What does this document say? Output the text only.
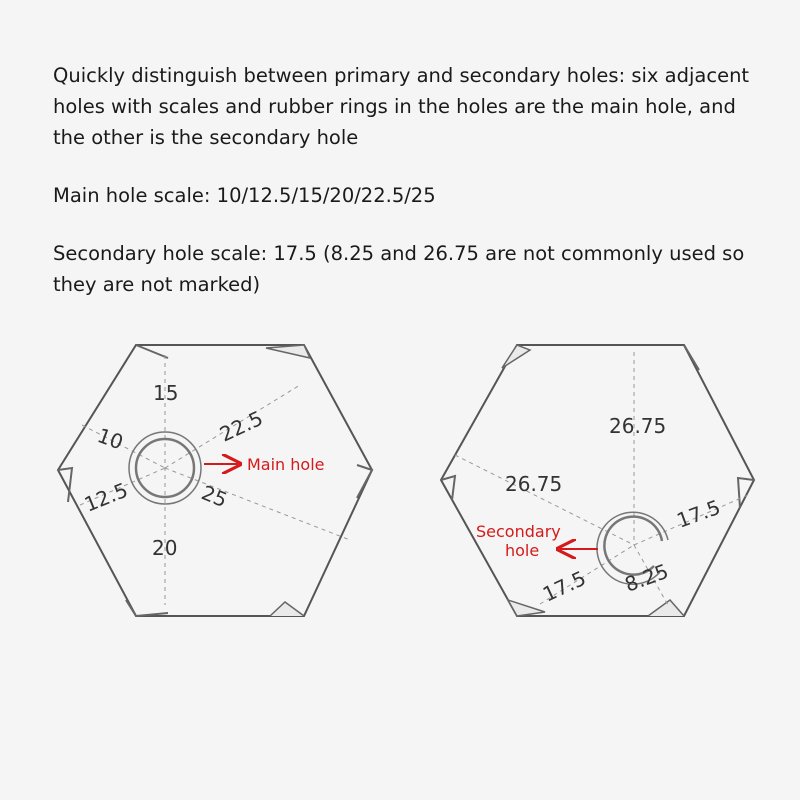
Quickly distinguish between primary and secondary holes: six adjacent holes with scales and rubber rings in the holes are the main hole, and the other is the secondary hole

Main hole scale: 10/12.5/15/20/22.5/25

Secondary hole scale: 17.5 (8.25 and 26.75 are not commonly used so they are not marked)

15
10
12.5
22.5
25
20
Main hole
26.75
26.75
17.5
17.5 8.25
Secondary
hole
